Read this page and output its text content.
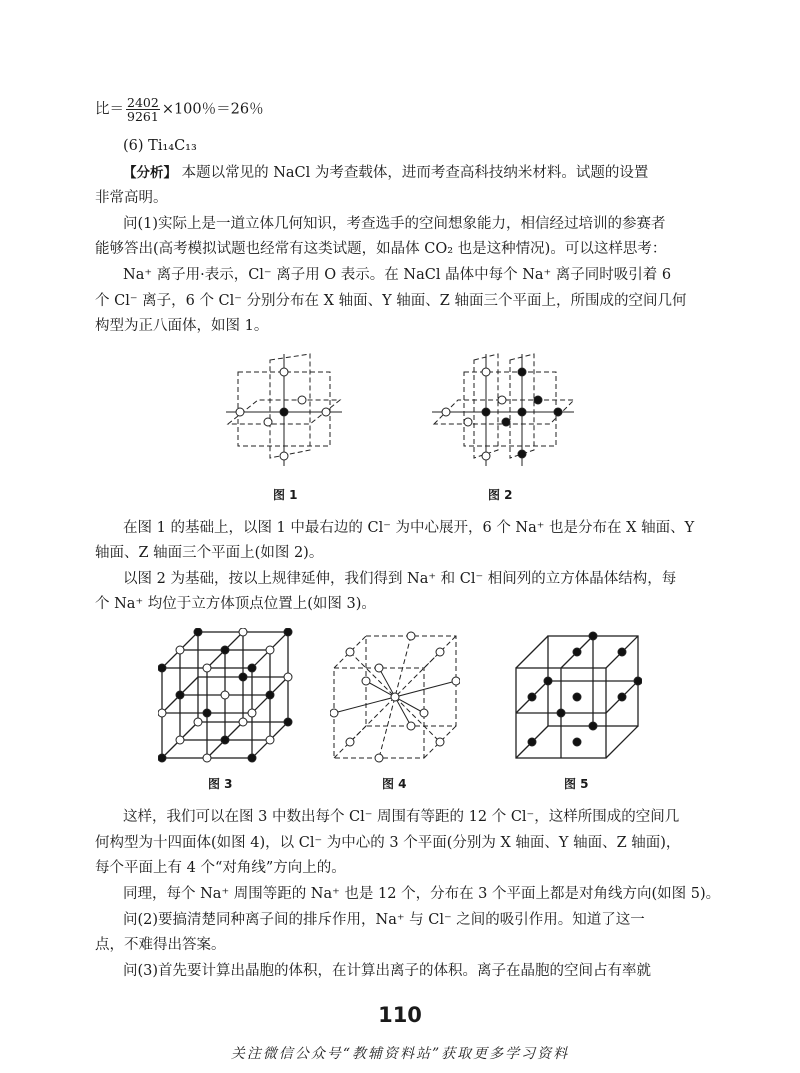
比＝ $\frac{2402}{9261} \times 100$％＝26％
(6) Ti₁₄C₁₃
【分析】 本题以常见的 NaCl 为考查载体，进而考查高科技纳米材料。试题的设置
非常高明。
问(1)实际上是一道立体几何知识，考查选手的空间想象能力，相信经过培训的参赛者
能够答出(高考模拟试题也经常有这类试题，如晶体 CO₂ 也是这种情况)。可以这样思考：
Na⁺ 离子用·表示，Cl⁻ 离子用 O 表示。在 NaCl 晶体中每个 Na⁺ 离子同时吸引着 6
个 Cl⁻ 离子，6 个 Cl⁻ 分别分布在 X 轴面、Y 轴面、Z 轴面三个平面上，所围成的空间几何
构型为正八面体，如图 1。
图 1	图 2
在图 1 的基础上，以图 1 中最右边的 Cl⁻ 为中心展开，6 个 Na⁺ 也是分布在 X 轴面、Y
轴面、Z 轴面三个平面上(如图 2)。
以图 2 为基础，按以上规律延伸，我们得到 Na⁺ 和 Cl⁻ 相间列的立方体晶体结构，每
个 Na⁺ 均位于立方体顶点位置上(如图 3)。
图 3	图 4	图 5
这样，我们可以在图 3 中数出每个 Cl⁻ 周围有等距的 12 个 Cl⁻，这样所围成的空间几
何构型为十四面体(如图 4)，以 Cl⁻ 为中心的 3 个平面(分别为 X 轴面、Y 轴面、Z 轴面)，
每个平面上有 4 个“对角线”方向上的。
同理，每个 Na⁺ 周围等距的 Na⁺ 也是 12 个，分布在 3 个平面上都是对角线方向(如图 5)。
问(2)要搞清楚同种离子间的排斥作用，Na⁺ 与 Cl⁻ 之间的吸引作用。知道了这一
点，不难得出答案。
问(3)首先要计算出晶胞的体积，在计算出离子的体积。离子在晶胞的空间占有率就
110
关注微信公众号“教辅资料站”获取更多学习资料
